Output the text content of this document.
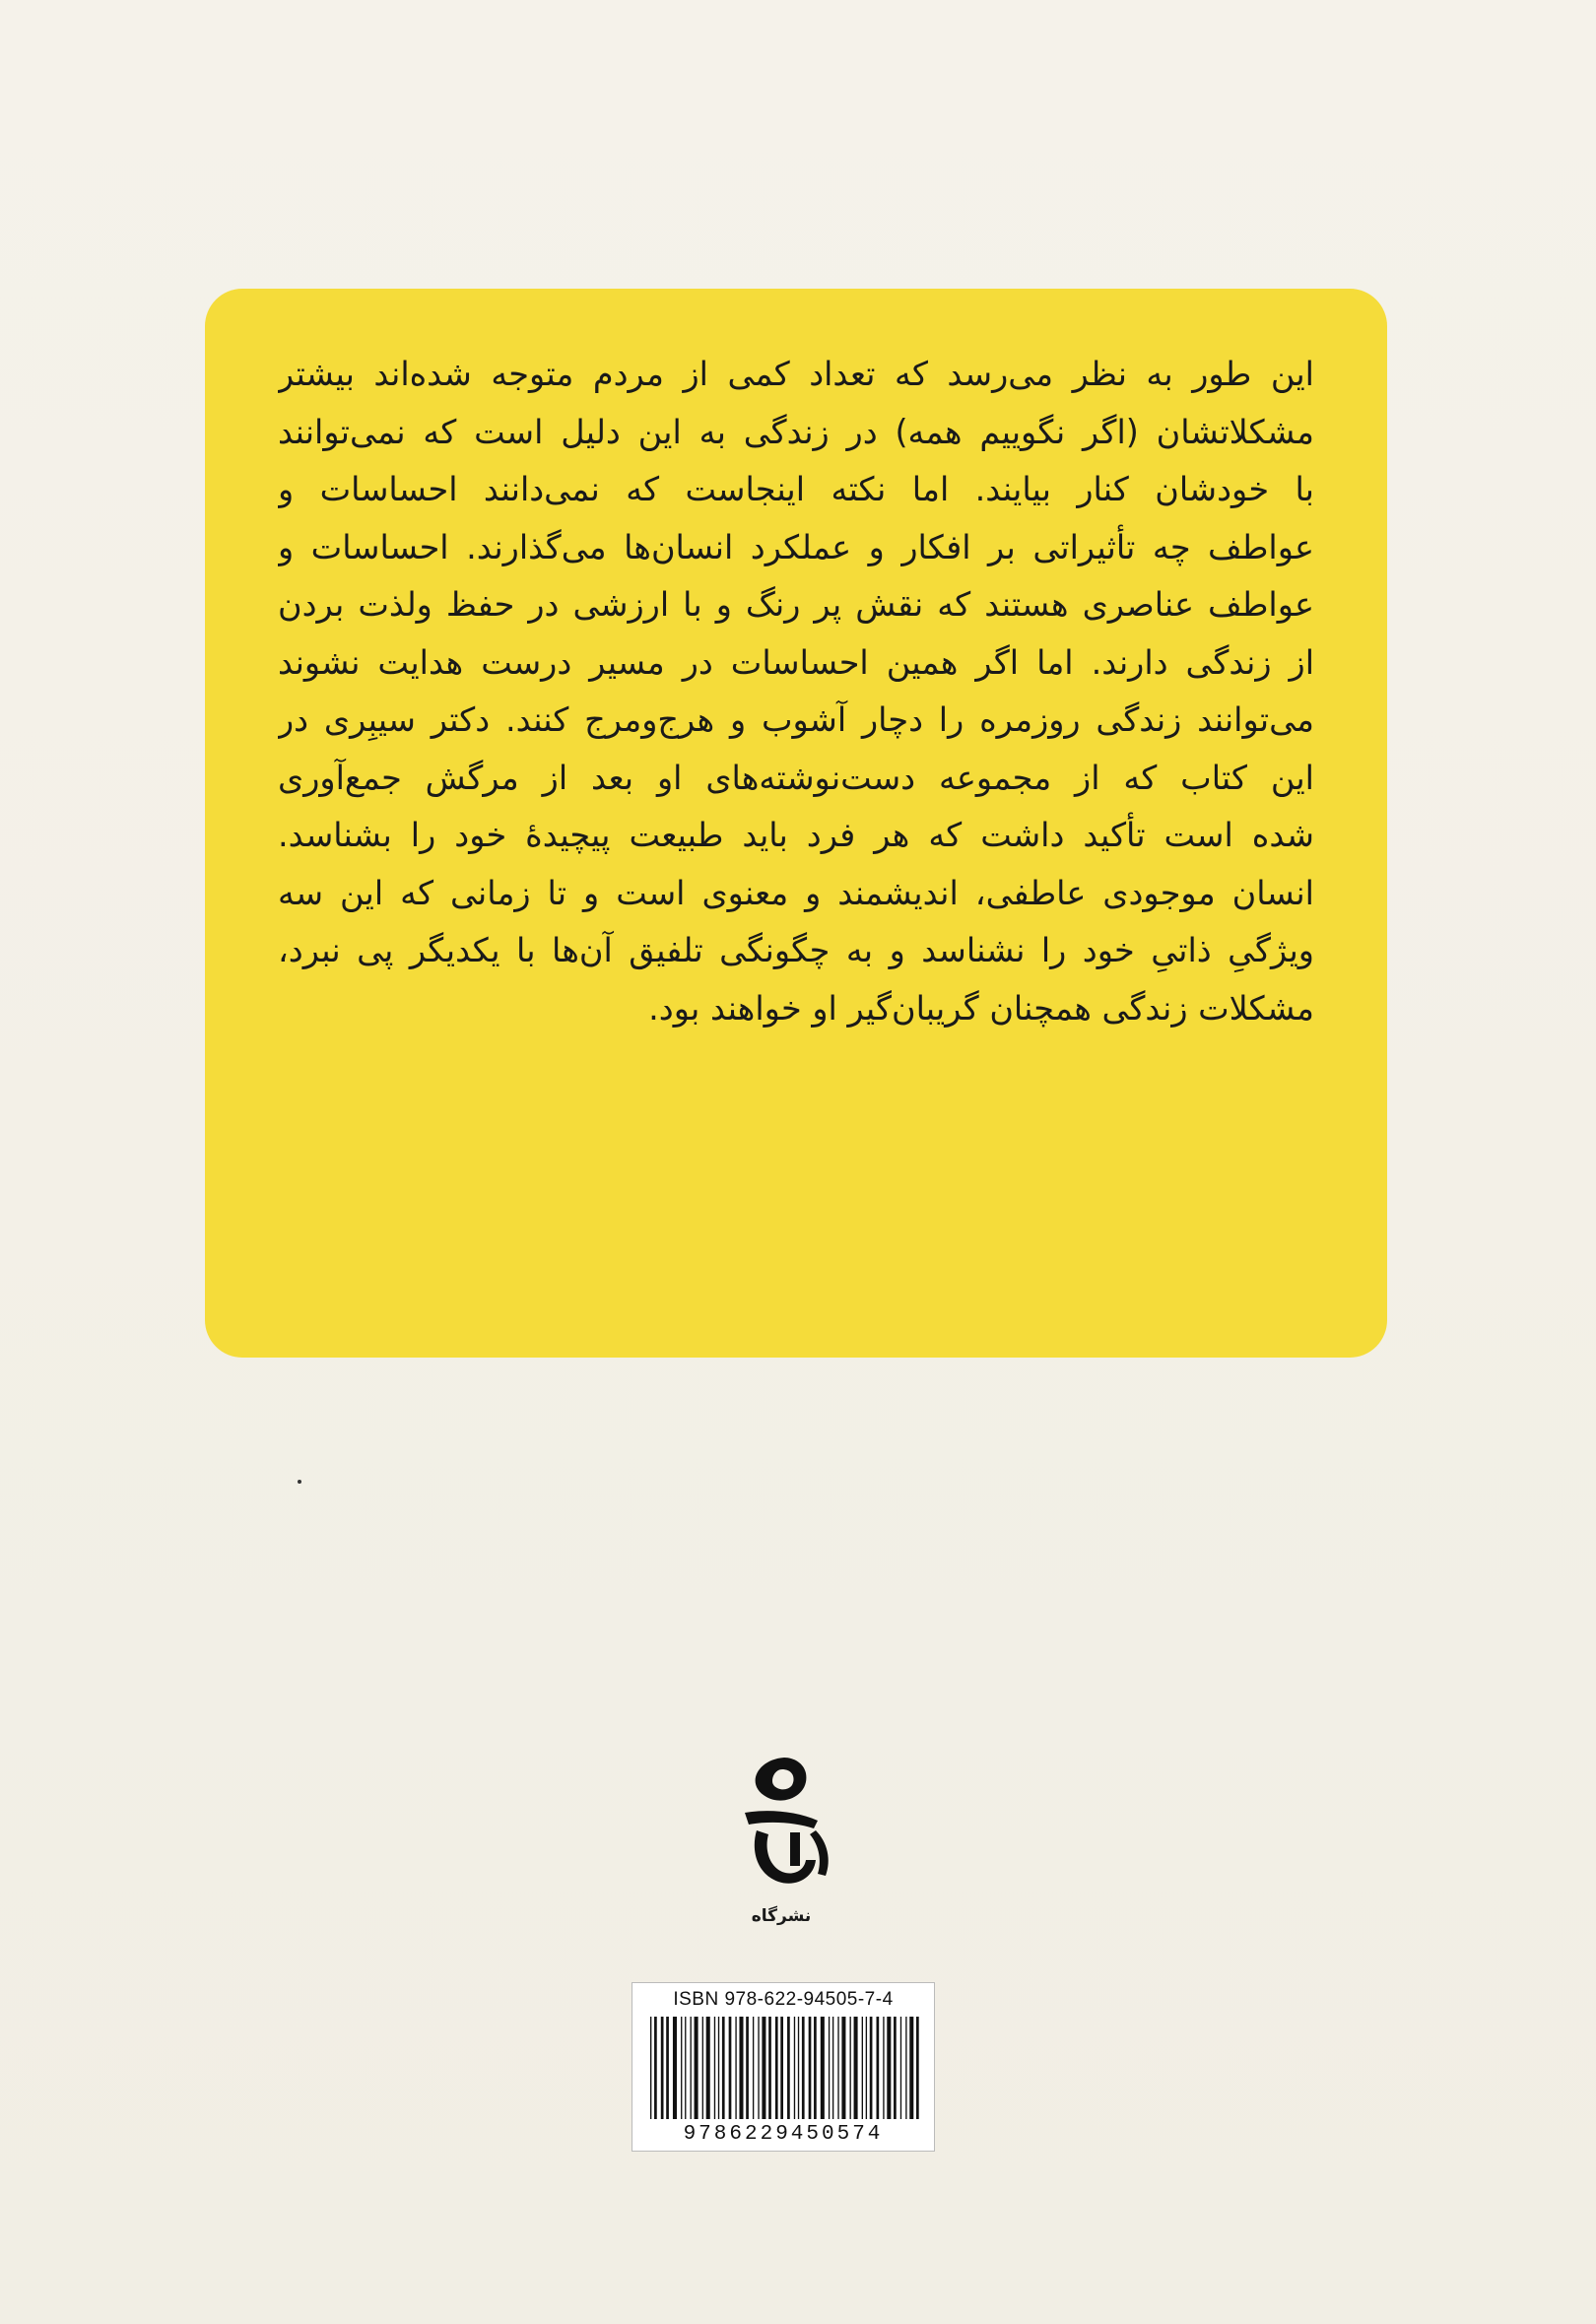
این طور به نظر می‌رسد که تعداد کمی از مردم متوجه شده‌اند بیشتر
مشکلاتشان (اگر نگوییم همه) در زندگی به این دلیل است که نمی‌توانند
با خودشان کنار بیایند. اما نکته اینجاست که نمی‌دانند احساسات و
عواطف چه تأثیراتی بر افکار و عملکرد انسان‌ها می‌گذارند. احساسات و
عواطف عناصری هستند که نقش پر رنگ و با ارزشی در حفظ ولذت بردن
از زندگی دارند. اما اگر همین احساسات در مسیر درست هدایت نشوند
می‌توانند زندگی روزمره را دچار آشوب و هرج‌ومرج کنند. دکتر سیبِری در
این کتاب که از مجموعه دست‌نوشته‌های او بعد از مرگش جمع‌آوری
شده است تأکید داشت که هر فرد باید طبیعت پیچیدهٔ خود را بشناسد.
انسان موجودی عاطفی، اندیشمند و معنوی است و تا زمانی که این سه
ویژگیِ ذاتیِ خود را نشناسد و به چگونگی تلفیق آن‌ها با یکدیگر پی نبرد،
مشکلات زندگی همچنان گریبان‌گیر او خواهند بود.
نشرگاه
ISBN 978-622-94505-7-4
9786229450574
